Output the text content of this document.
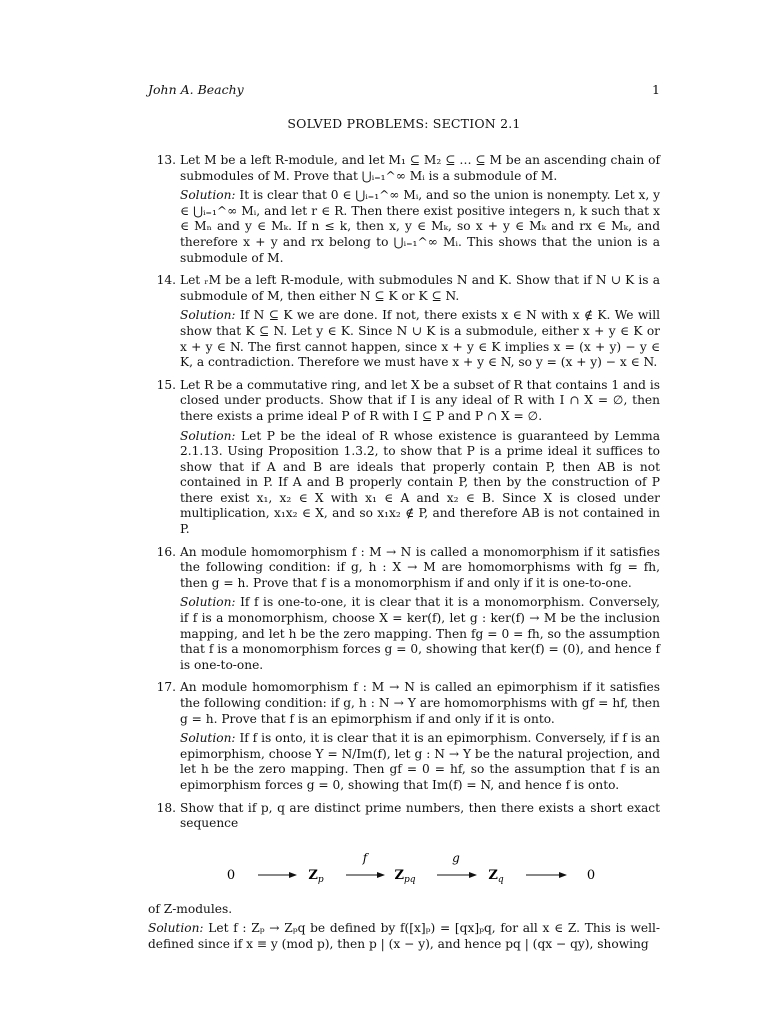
John A. Beachy	1
SOLVED PROBLEMS: SECTION 2.1
13. Let M be a left R-module, and let M₁ ⊆ M₂ ⊆ … ⊆ M be an ascending chain of submodules of M. Prove that ⋃ᵢ₌₁^∞ Mᵢ is a submodule of M.
Solution: It is clear that 0 ∈ ⋃ᵢ₌₁^∞ Mᵢ, and so the union is nonempty. Let x, y ∈ ⋃ᵢ₌₁^∞ Mᵢ, and let r ∈ R. Then there exist positive integers n, k such that x ∈ Mₙ and y ∈ Mₖ. If n ≤ k, then x, y ∈ Mₖ, so x + y ∈ Mₖ and rx ∈ Mₖ, and therefore x + y and rx belong to ⋃ᵢ₌₁^∞ Mᵢ. This shows that the union is a submodule of M.
14. Let ᵣM be a left R-module, with submodules N and K. Show that if N ∪ K is a submodule of M, then either N ⊆ K or K ⊆ N.
Solution: If N ⊆ K we are done. If not, there exists x ∈ N with x ∉ K. We will show that K ⊆ N. Let y ∈ K. Since N ∪ K is a submodule, either x + y ∈ K or x + y ∈ N. The first cannot happen, since x + y ∈ K implies x = (x + y) − y ∈ K, a contradiction. Therefore we must have x + y ∈ N, so y = (x + y) − x ∈ N.
15. Let R be a commutative ring, and let X be a subset of R that contains 1 and is closed under products. Show that if I is any ideal of R with I ∩ X = ∅, then there exists a prime ideal P of R with I ⊆ P and P ∩ X = ∅.
Solution: Let P be the ideal of R whose existence is guaranteed by Lemma 2.1.13. Using Proposition 1.3.2, to show that P is a prime ideal it suffices to show that if A and B are ideals that properly contain P, then AB is not contained in P. If A and B properly contain P, then by the construction of P there exist x₁, x₂ ∈ X with x₁ ∈ A and x₂ ∈ B. Since X is closed under multiplication, x₁x₂ ∈ X, and so x₁x₂ ∉ P, and therefore AB is not contained in P.
16. An module homomorphism f : M → N is called a monomorphism if it satisfies the following condition: if g, h : X → M are homomorphisms with fg = fh, then g = h. Prove that f is a monomorphism if and only if it is one-to-one.
Solution: If f is one-to-one, it is clear that it is a monomorphism. Conversely, if f is a monomorphism, choose X = ker(f), let g : ker(f) → M be the inclusion mapping, and let h be the zero mapping. Then fg = 0 = fh, so the assumption that f is a monomorphism forces g = 0, showing that ker(f) = (0), and hence f is one-to-one.
17. An module homomorphism f : M → N is called an epimorphism if it satisfies the following condition: if g, h : N → Y are homomorphisms with gf = hf, then g = h. Prove that f is an epimorphism if and only if it is onto.
Solution: If f is onto, it is clear that it is an epimorphism. Conversely, if f is an epimorphism, choose Y = N/Im(f), let g : N → Y be the natural projection, and let h be the zero mapping. Then gf = 0 = hf, so the assumption that f is an epimorphism forces g = 0, showing that Im(f) = N, and hence f is onto.
18. Show that if p, q are distinct prime numbers, then there exists a short exact sequence
0	$Z_p$	$Z_{pq}$	$Z_q$	0
f	g
of Z-modules.
Solution: Let f : Zₚ → Zₚq be defined by f([x]ₚ) = [qx]ₚq, for all x ∈ Z. This is well-defined since if x ≡ y (mod p), then p | (x − y), and hence pq | (qx − qy), showing
